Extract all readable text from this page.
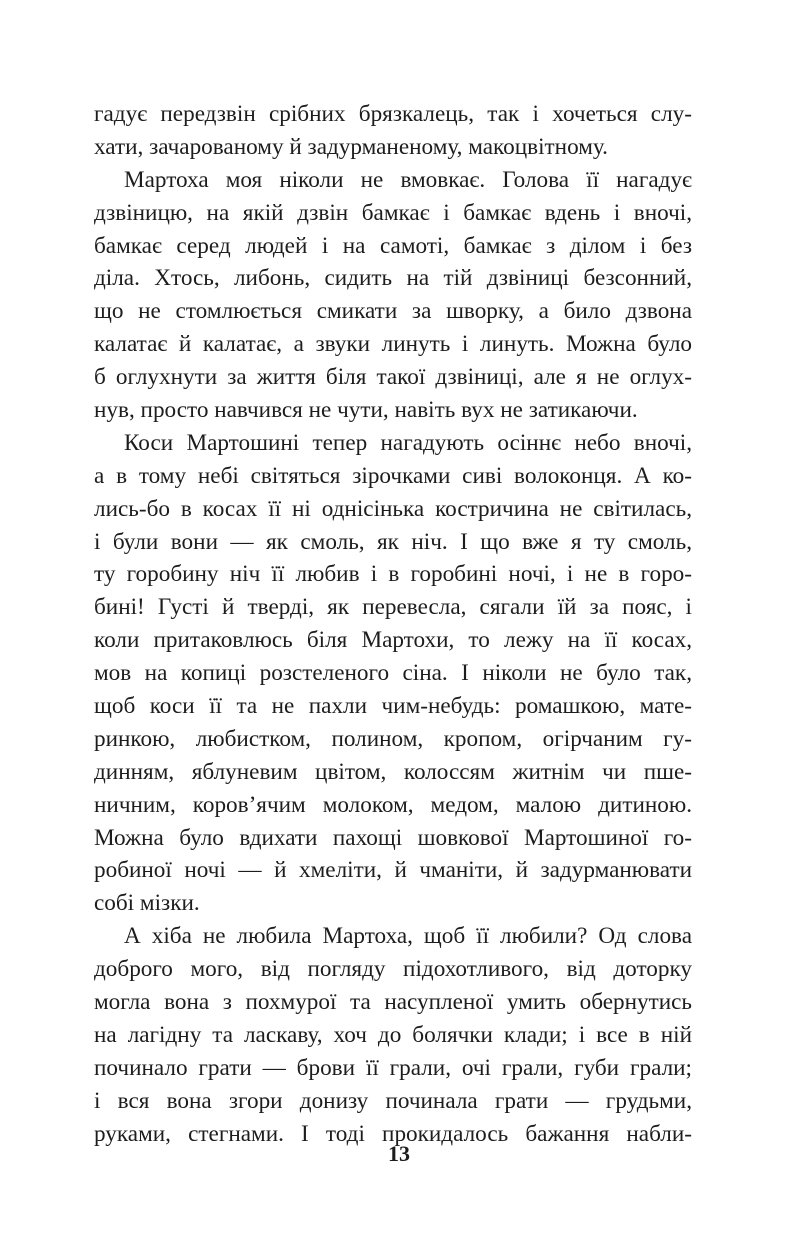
гадує передзвін срібних брязкалець, так і хочеться слу-
хати, зачарованому й задурманеному, макоцвітному.
Мартоха моя ніколи не вмовкає. Голова її нагадує
дзвіницю, на якій дзвін бамкає і бамкає вдень і вночі,
бамкає серед людей і на самоті, бамкає з ділом і без
діла. Хтось, либонь, сидить на тій дзвіниці безсонний,
що не стомлюється смикати за шворку, а било дзвона
калатає й калатає, а звуки линуть і линуть. Можна було
б оглухнути за життя біля такої дзвіниці, але я не оглух-
нув, просто навчився не чути, навіть вух не затикаючи.
Коси Мартошині тепер нагадують осіннє небо вночі,
а в тому небі світяться зірочками сиві волоконця. А ко-
лись-бо в косах її ні однісінька костричина не світилась,
і були вони — як смоль, як ніч. І що вже я ту смоль,
ту горобину ніч її любив і в горобині ночі, і не в горо-
бині! Густі й тверді, як перевесла, сягали їй за пояс, і
коли притаковлюсь біля Мартохи, то лежу на її косах,
мов на копиці розстеленого сіна. І ніколи не було так,
щоб коси її та не пахли чим-небудь: ромашкою, мате-
ринкою, любистком, полином, кропом, огірчаним гу-
динням, яблуневим цвітом, колоссям житнім чи пше-
ничним, коров’ячим молоком, медом, малою дитиною.
Можна було вдихати пахощі шовкової Мартошиної го-
робиної ночі — й хмеліти, й чманіти, й задурманювати
собі мізки.
А хіба не любила Мартоха, щоб її любили? Од слова
доброго мого, від погляду підохотливого, від доторку
могла вона з похмурої та насупленої умить обернутись
на лагідну та ласкаву, хоч до болячки клади; і все в ній
починало грати — брови її грали, очі грали, губи грали;
і вся вона згори донизу починала грати — грудьми,
руками, стегнами. І тоді прокидалось бажання набли-
13
